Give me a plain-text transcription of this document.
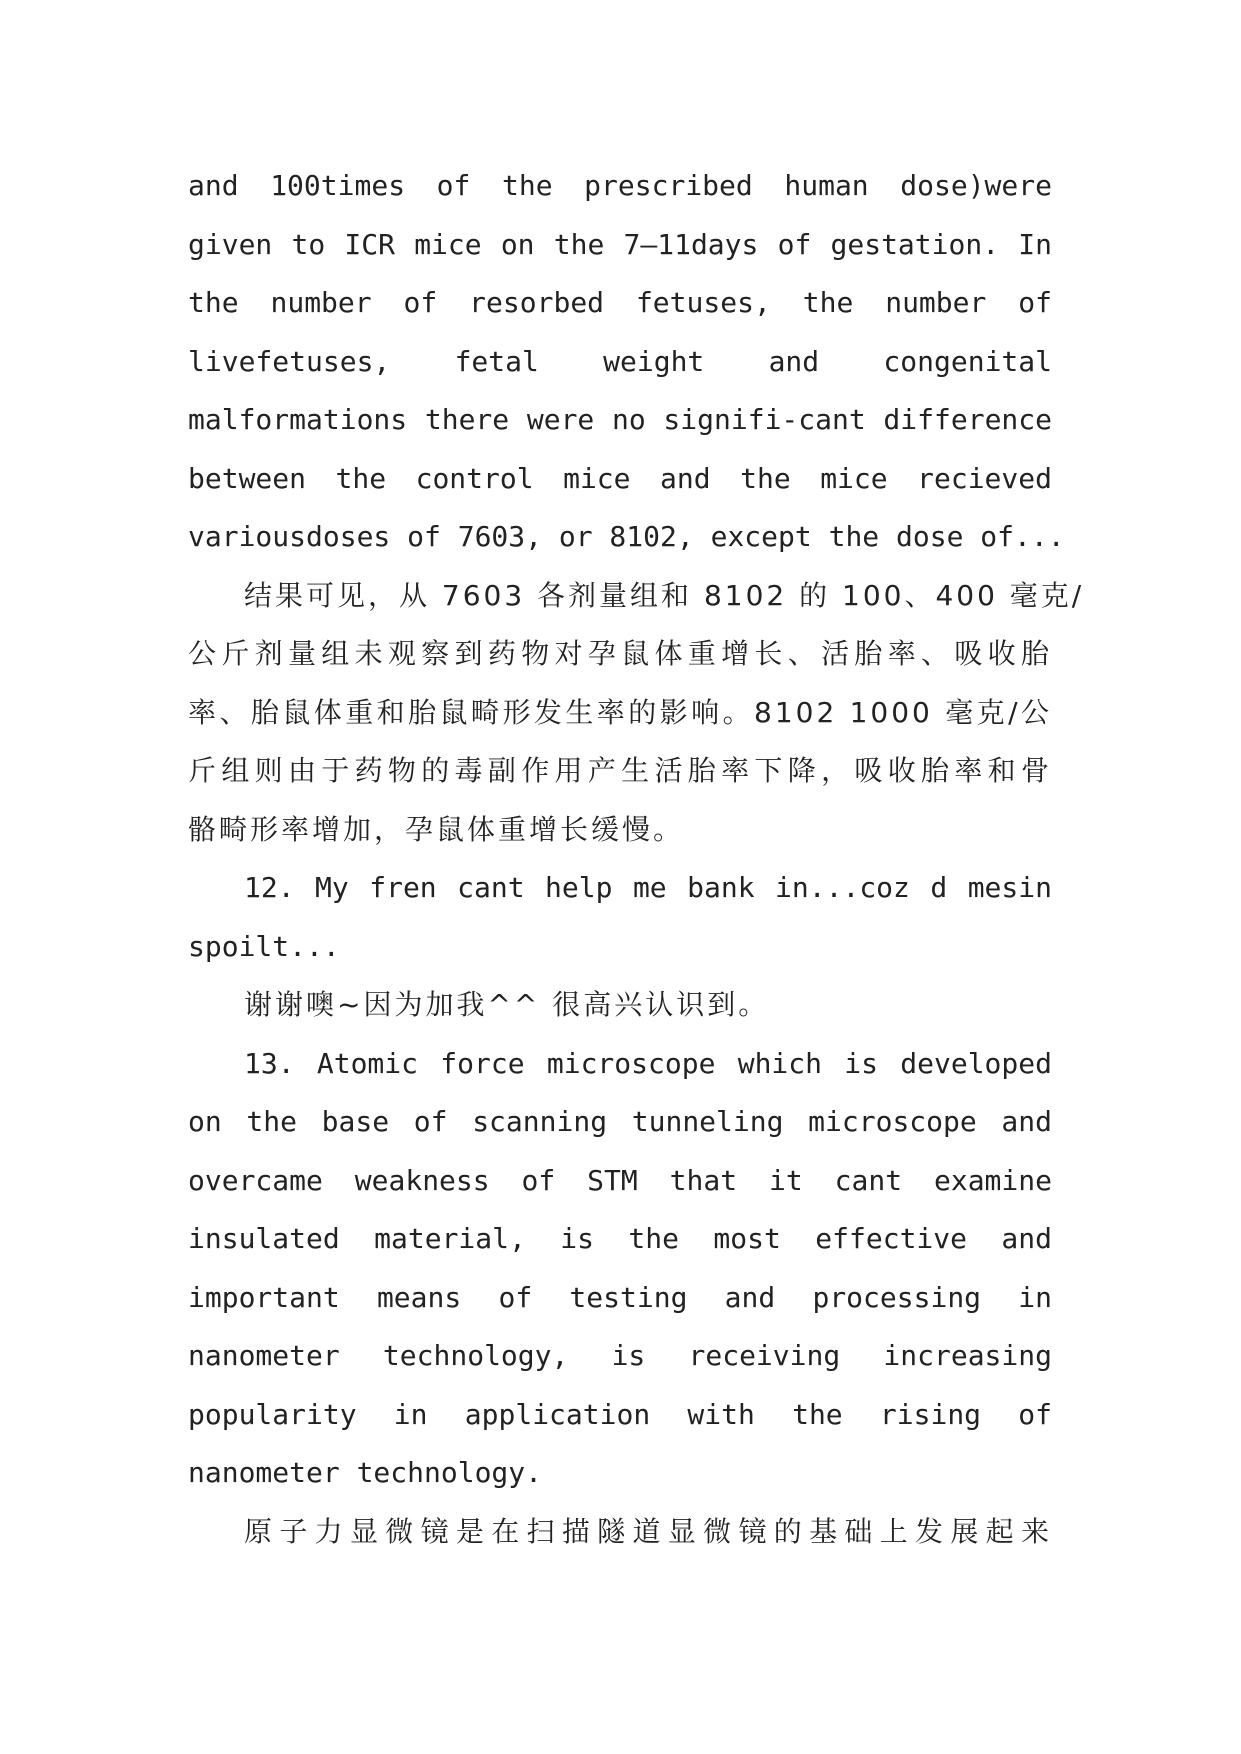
and 100times of the prescribed human dose)were
given to ICR mice on the 7—11days of gestation. In
the number of resorbed fetuses, the number of
livefetuses, fetal weight and congenital
malformations there were no signifi-cant difference
between the control mice and the mice recieved
variousdoses of 7603, or 8102, except the dose of...
结果可见，从 7603 各剂量组和 8102 的 100、400 毫克/
公斤剂量组未观察到药物对孕鼠体重增长、活胎率、吸收胎
率、胎鼠体重和胎鼠畸形发生率的影响。8102 1000 毫克/公
斤组则由于药物的毒副作用产生活胎率下降，吸收胎率和骨
骼畸形率增加，孕鼠体重增长缓慢。
12. My fren cant help me bank in...coz d mesin
spoilt...
谢谢噢~因为加我^^ 很高兴认识到。
13. Atomic force microscope which is developed
on the base of scanning tunneling microscope and
overcame weakness of STM that it cant examine
insulated material, is the most effective and
important means of testing and processing in
nanometer technology, is receiving increasing
popularity in application with the rising of
nanometer technology.
原子力显微镜是在扫描隧道显微镜的基础上发展起来
